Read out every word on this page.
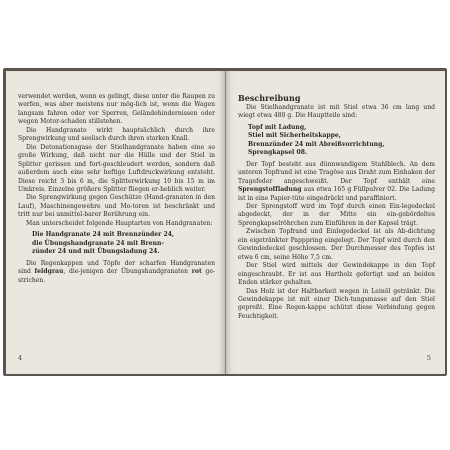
verwendet werden, wenn es gelingt, diese unter die Raupen zu werfen, was aber meistens nur mög-lich ist, wenn die Wagen langsam fahren oder vor Sperren, Geländehindernissen oder wegen Motor-schaden stillstehen.

Die Handgranate wirkt hauptsächlich durch ihre Sprengwirkung und seelisch durch ihren starken Knall.

Die Detonationsgase der Stielhandgranate haben eine so große Wirkung, daß nicht nur die Hülle und der Stiel in Splitter gerissen und fort-geschleudert werden, sondern daß außerdem auch eine sehr heftige Luftdruckwirkung entsteht. Diese reicht 3 bis 6 m, die Splitterwirkung 10 bis 15 m im Umkreis. Einzelne größere Splitter fliegen er-heblich weiter.

Die Sprengwirkung gegen Geschütze (Hand-granaten in den Lauf), Maschinengewehre und Mo-toren ist beschränkt und tritt nur bei unmittel-barer Berührung ein.

Man unterscheidet folgende Hauptarten von Handgranaten:

Die Handgranate 24 mit Brennzünder 24,
die Übungshandgranate 24 mit Brenn-
zünder 24 und mit Übungsladung 24.

Die Regenkappen und Töpfe der scharfen Handgranaten sind feldgrau, die-jenigen der Übungshandgranaten rot ge-strichen.

4
Beschreibung

Die Stielhandgranate ist mit Stiel etwa 36 cm lang und wiegt etwa 480 g. Die Hauptteile sind:

Topf mit Ladung,
Stiel mit Sicherheitskappe,
Brennzünder 24 mit Abreißvorrichtung,
Sprengkapsel 08.

Der Topf besteht aus dünnwandigem Stahlblech. An dem unteren Topfrand ist eine Tragöse aus Draht zum Einhaken der Tragefeder angeschweißt. Der Topf enthält eine Sprengstoffladung aus etwa 165 g Füllpulver 02. Die Ladung ist in eine Papier-tüte eingedrückt und paraffiniert.

Der Sprengstoff wird im Topf durch einen Ein-legedeckel abgedeckt, der in der Mitte ein ein-gebördeltes Sprengkapselröhrchen zum Einführen in der Kapsel trägt.

Zwischen Topfrand und Einlegedeckel ist als Ab-dichtung ein eigetränkter Papppring eingelegt. Der Topf wird durch den Gewindedeckel geschlossen. Der Durchmesser des Topfes ist etwa 6 cm, seine Höhe 7,5 cm.

Der Stiel wird mittels der Gewindekappe in den Topf eingeschraubt. Er ist aus Hartholz gefertigt und an beiden Enden stärker gehalten.

Das Holz ist der Haltbarkeit wegen in Leinöl getränkt. Die Gewindekappe ist mit einer Dich-tungsmasse auf den Stiel gepreßt. Eine Regen-kappe schützt diese Verbindung gegen Feuchtigkeit.

5
